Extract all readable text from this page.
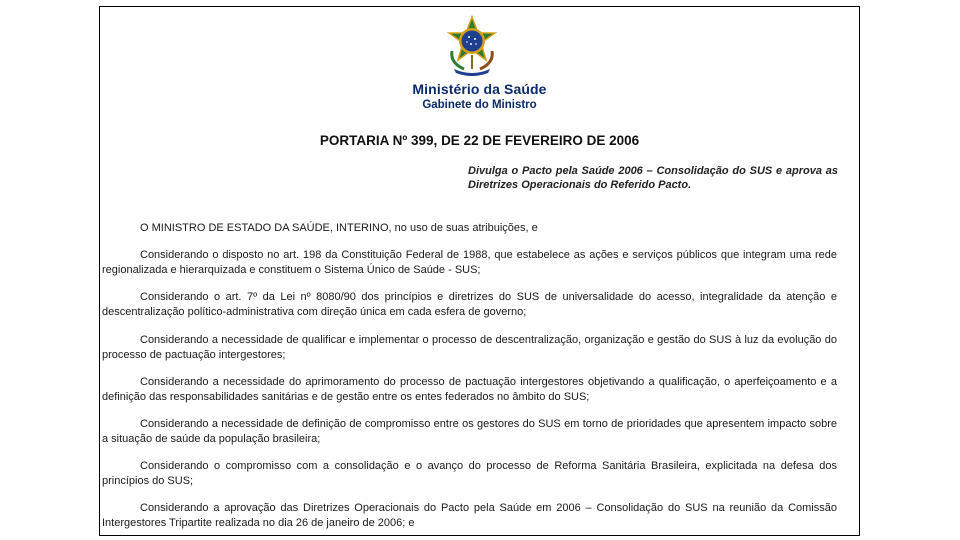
Ministério da Saúde
Gabinete do Ministro
PORTARIA Nº 399, DE 22 DE FEVEREIRO DE 2006
Divulga o Pacto pela Saúde 2006 – Consolidação do SUS e aprova as Diretrizes Operacionais do Referido Pacto.

O MINISTRO DE ESTADO DA SAÚDE, INTERINO, no uso de suas atribuições, e

Considerando o disposto no art. 198 da Constituição Federal de 1988, que estabelece as ações e serviços públicos que integram uma rede regionalizada e hierarquizada e constituem o Sistema Único de Saúde - SUS;

Considerando o art. 7º da Lei nº 8080/90 dos princípios e diretrizes do SUS de universalidade do acesso, integralidade da atenção e descentralização político-administrativa com direção única em cada esfera de governo;

Considerando a necessidade de qualificar e implementar o processo de descentralização, organização e gestão do SUS à luz da evolução do processo de pactuação intergestores;

Considerando a necessidade do aprimoramento do processo de pactuação intergestores objetivando a qualificação, o aperfeiçoamento e a definição das responsabilidades sanitárias e de gestão entre os entes federados no âmbito do SUS;

Considerando a necessidade de definição de compromisso entre os gestores do SUS em torno de prioridades que apresentem impacto sobre a situação de saúde da população brasileira;

Considerando o compromisso com a consolidação e o avanço do processo de Reforma Sanitária Brasileira, explicitada na defesa dos princípios do SUS;

Considerando a aprovação das Diretrizes Operacionais do Pacto pela Saúde em 2006 – Consolidação do SUS na reunião da Comissão Intergestores Tripartite realizada no dia 26 de janeiro de 2006; e
